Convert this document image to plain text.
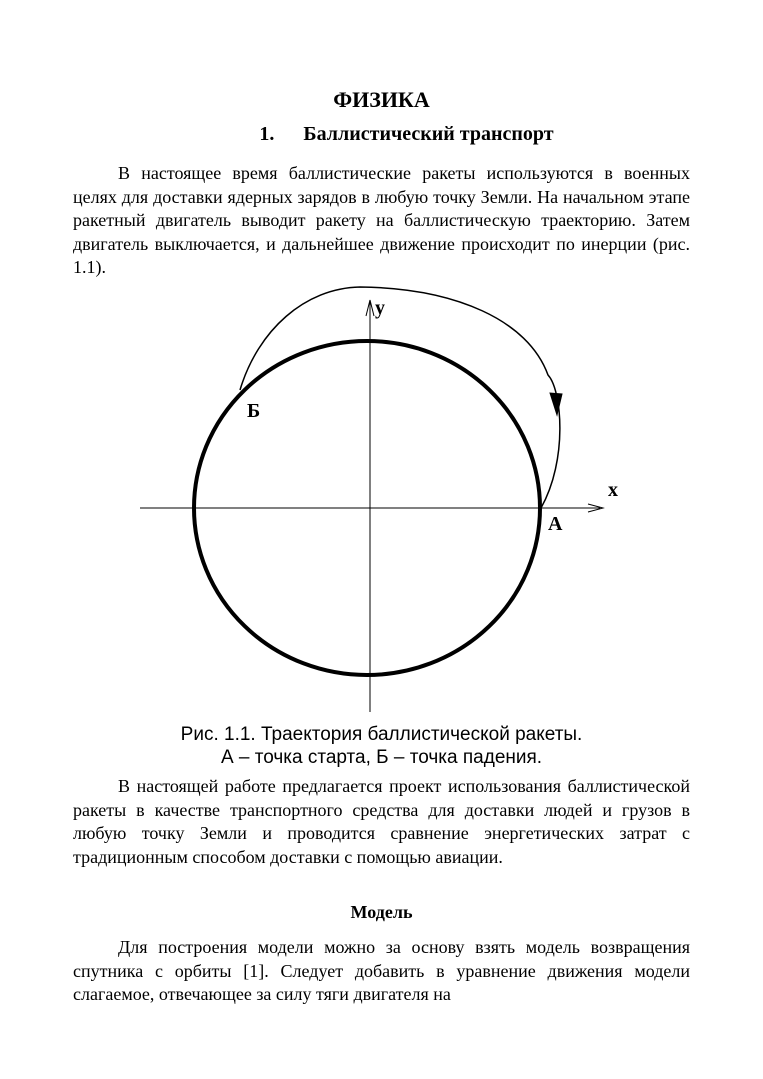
ФИЗИКА
1. Баллистический транспорт

В настоящее время баллистические ракеты используются в военных целях для доставки ядерных зарядов в любую точку Земли. На начальном этапе ракетный двигатель выводит ракету на баллистическую траекторию. Затем двигатель выключается, и дальнейшее движение происходит по инерции (рис. 1.1).

y
x
А
Б
Рис. 1.1. Траектория баллистической ракеты.
А – точка старта, Б – точка падения.

В настоящей работе предлагается проект использования баллистической ракеты в качестве транспортного средства для доставки людей и грузов в любую точку Земли и проводится сравнение энергетических затрат с традиционным способом доставки с помощью авиации.

Модель

Для построения модели можно за основу взять модель возвращения спутника с орбиты [1]. Следует добавить в уравнение движения модели слагаемое, отвечающее за силу тяги двигателя на
